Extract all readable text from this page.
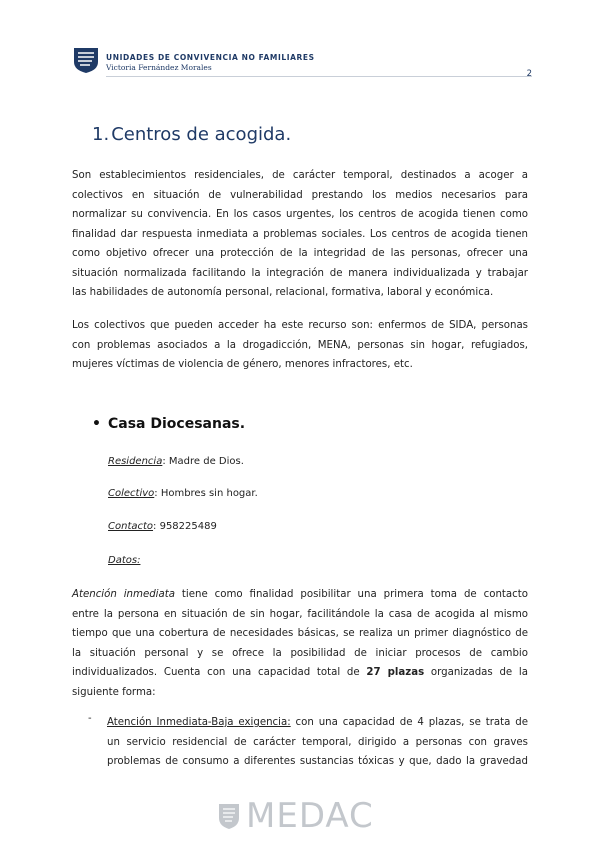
UNIDADES DE CONVIVENCIA NO FAMILIARES
Victoria Fernández Morales
2
1. Centros de acogida.

Son establecimientos residenciales, de carácter temporal, destinados a acoger a
colectivos en situación de vulnerabilidad prestando los medios necesarios para
normalizar su convivencia. En los casos urgentes, los centros de acogida tienen como
finalidad dar respuesta inmediata a problemas sociales. Los centros de acogida tienen
como objetivo ofrecer una protección de la integridad de las personas, ofrecer una
situación normalizada facilitando la integración de manera individualizada y trabajar
las habilidades de autonomía personal, relacional, formativa, laboral y económica.

Los colectivos que pueden acceder ha este recurso son: enfermos de SIDA, personas
con problemas asociados a la drogadicción, MENA, personas sin hogar, refugiados,
mujeres víctimas de violencia de género, menores infractores, etc.

• Casa Diocesanas.
Residencia: Madre de Dios.
Colectivo: Hombres sin hogar.
Contacto: 958225489
Datos:

Atención inmediata tiene como finalidad posibilitar una primera toma de contacto
entre la persona en situación de sin hogar, facilitándole la casa de acogida al mismo
tiempo que una cobertura de necesidades básicas, se realiza un primer diagnóstico de
la situación personal y se ofrece la posibilidad de iniciar procesos de cambio
individualizados. Cuenta con una capacidad total de 27 plazas organizadas de la
siguiente forma:

- Atención Inmediata-Baja exigencia: con una capacidad de 4 plazas, se trata de
un servicio residencial de carácter temporal, dirigido a personas con graves
problemas de consumo a diferentes sustancias tóxicas y que, dado la gravedad
MEDAC
